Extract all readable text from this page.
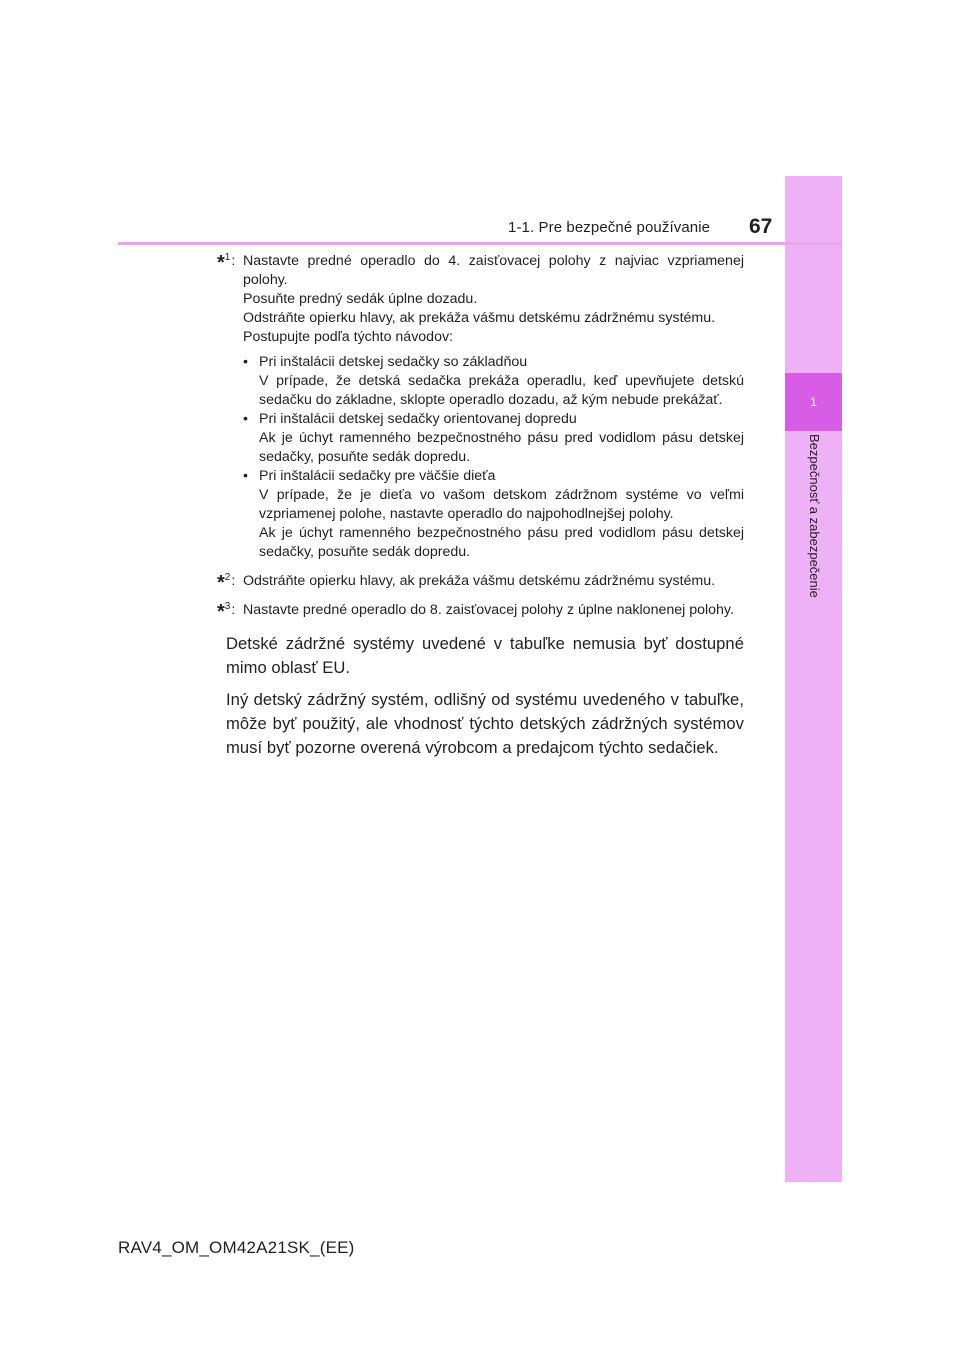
1
Bezpečnosť a zabezpečenie
1-1. Pre bezpečné používanie 67
*$^1$: Nastavte predné operadlo do 4. zaisťovacej polohy z najviac vzpriamenej polohy.

Posuňte predný sedák úplne dozadu.

Odstráňte opierku hlavy, ak prekáža vášmu detskému zádržnému systému.

Postupujte podľa týchto návodov:

• Pri inštalácii detskej sedačky so základňou

V prípade, že detská sedačka prekáža operadlu, keď upevňujete detskú sedačku do základne, sklopte operadlo dozadu, až kým nebude prekážať.

• Pri inštalácii detskej sedačky orientovanej dopredu

Ak je úchyt ramenného bezpečnostného pásu pred vodidlom pásu detskej sedačky, posuňte sedák dopredu.

• Pri inštalácii sedačky pre väčšie dieťa

V prípade, že je dieťa vo vašom detskom zádržnom systéme vo veľmi vzpriamenej polohe, nastavte operadlo do najpohodlnejšej polohy.

Ak je úchyt ramenného bezpečnostného pásu pred vodidlom pásu detskej sedačky, posuňte sedák dopredu.

*$^2$: Odstráňte opierku hlavy, ak prekáža vášmu detskému zádržnému systému.

*$^3$: Nastavte predné operadlo do 8. zaisťovacej polohy z úplne naklonenej polohy.

Detské zádržné systémy uvedené v tabuľke nemusia byť dostupné mimo oblasť EU.

Iný detský zádržný systém, odlišný od systému uvedeného v tabuľke, môže byť použitý, ale vhodnosť týchto detských zádržných systémov musí byť pozorne overená výrobcom a predajcom týchto sedačiek.

RAV4_OM_OM42A21SK_(EE)
